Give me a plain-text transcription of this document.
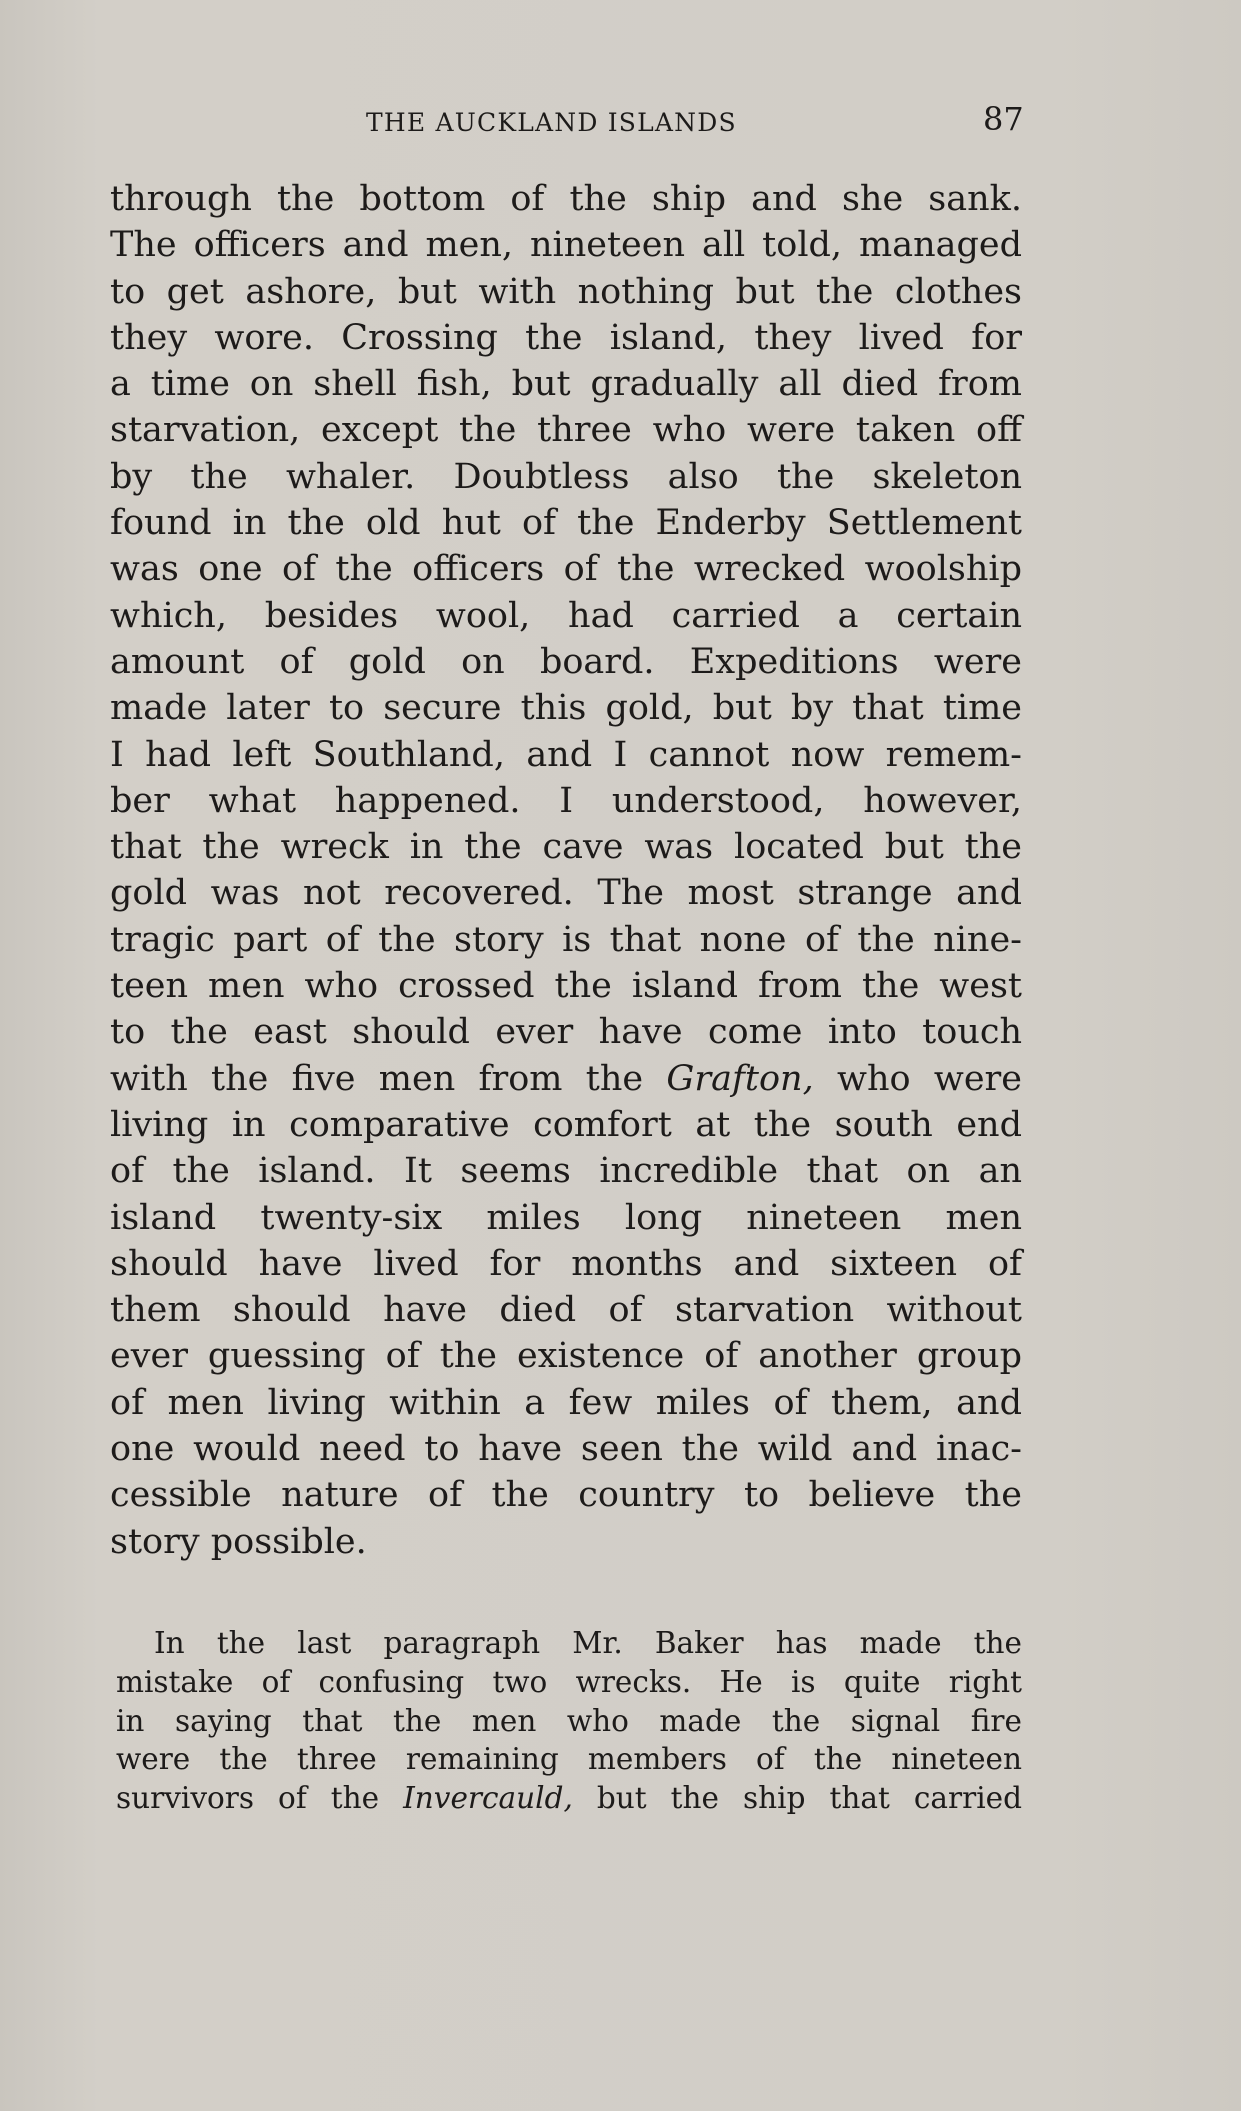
THE AUCKLAND ISLANDS	87
through the bottom of the ship and she sank.
The officers and men, nineteen all told, managed
to get ashore, but with nothing but the clothes
they wore. Crossing the island, they lived for
a time on shell fish, but gradually all died from
starvation, except the three who were taken off
by the whaler. Doubtless also the skeleton
found in the old hut of the Enderby Settlement
was one of the officers of the wrecked woolship
which, besides wool, had carried a certain
amount of gold on board. Expeditions were
made later to secure this gold, but by that time
I had left Southland, and I cannot now remem-
ber what happened. I understood, however,
that the wreck in the cave was located but the
gold was not recovered. The most strange and
tragic part of the story is that none of the nine-
teen men who crossed the island from the west
to the east should ever have come into touch
with the five men from the Grafton, who were
living in comparative comfort at the south end
of the island. It seems incredible that on an
island twenty-six miles long nineteen men
should have lived for months and sixteen of
them should have died of starvation without
ever guessing of the existence of another group
of men living within a few miles of them, and
one would need to have seen the wild and inac-
cessible nature of the country to believe the
story possible.
In the last paragraph Mr. Baker has made the
mistake of confusing two wrecks. He is quite right
in saying that the men who made the signal fire
were the three remaining members of the nineteen
survivors of the Invercauld, but the ship that carried
